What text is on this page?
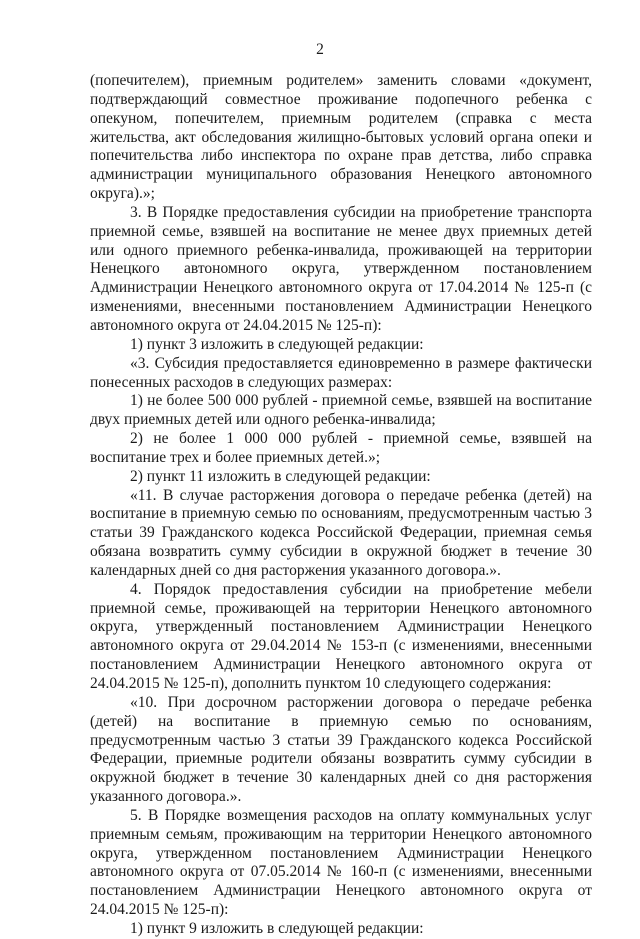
2

(попечителем), приемным родителем» заменить словами «документ, подтверждающий совместное проживание подопечного ребенка с опекуном, попечителем, приемным родителем (справка с места жительства, акт обследования жилищно-бытовых условий органа опеки и попечительства либо инспектора по охране прав детства, либо справка администрации муниципального образования Ненецкого автономного округа).»;

3. В Порядке предоставления субсидии на приобретение транспорта приемной семье, взявшей на воспитание не менее двух приемных детей или одного приемного ребенка-инвалида, проживающей на территории Ненецкого автономного округа, утвержденном постановлением Администрации Ненецкого автономного округа от 17.04.2014 № 125-п (с изменениями, внесенными постановлением Администрации Ненецкого автономного округа от 24.04.2015 № 125-п):

1) пункт 3 изложить в следующей редакции:

«3. Субсидия предоставляется единовременно в размере фактически понесенных расходов в следующих размерах:

1) не более 500 000 рублей - приемной семье, взявшей на воспитание двух приемных детей или одного ребенка-инвалида;

2) не более 1 000 000 рублей - приемной семье, взявшей на воспитание трех и более приемных детей.»;

2) пункт 11 изложить в следующей редакции:

«11. В случае расторжения договора о передаче ребенка (детей) на воспитание в приемную семью по основаниям, предусмотренным частью 3 статьи 39 Гражданского кодекса Российской Федерации, приемная семья обязана возвратить сумму субсидии в окружной бюджет в течение 30 календарных дней со дня расторжения указанного договора.».

4. Порядок предоставления субсидии на приобретение мебели приемной семье, проживающей на территории Ненецкого автономного округа, утвержденный постановлением Администрации Ненецкого автономного округа от 29.04.2014 № 153-п (с изменениями, внесенными постановлением Администрации Ненецкого автономного округа от 24.04.2015 № 125-п), дополнить пунктом 10 следующего содержания:

«10. При досрочном расторжении договора о передаче ребенка (детей) на воспитание в приемную семью по основаниям, предусмотренным частью 3 статьи 39 Гражданского кодекса Российской Федерации, приемные родители обязаны возвратить сумму субсидии в окружной бюджет в течение 30 календарных дней со дня расторжения указанного договора.».

5. В Порядке возмещения расходов на оплату коммунальных услуг приемным семьям, проживающим на территории Ненецкого автономного округа, утвержденном постановлением Администрации Ненецкого автономного округа от 07.05.2014 № 160-п (с изменениями, внесенными постановлением Администрации Ненецкого автономного округа от 24.04.2015 № 125-п):

1) пункт 9 изложить в следующей редакции:
